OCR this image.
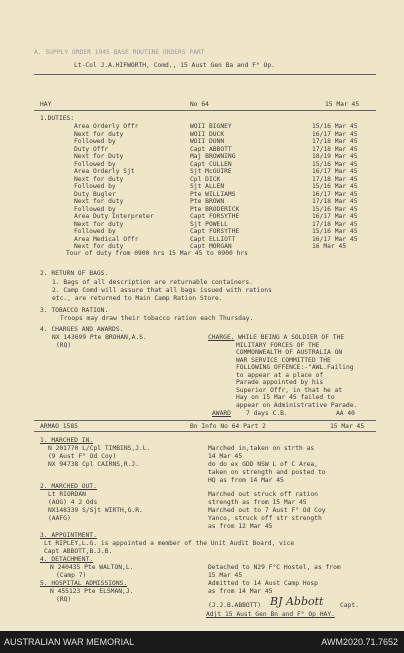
A. SUPPLY ORDER 1945 BASE ROUTINE ORDERS PART
Lt-Col J.A.HIFWORTH, Comd., 15 Aust Gen Ba and F° Op.
HAY	No 64	15 Mar 45
1.DUTIES:
Area Orderly Offr	WOII BIGNEY	15/16 Mar 45
Next for duty	WOII DUCK	16/17 Mar 45
Followed by	WOII DUNN	17/18 Mar 45
Duty Offr	Capt ABBOTT	17/18 Mar 45
Next for Duty	Maj BROWNING	18/19 Mar 45
Followed by	Capt CULLEN	15/16 Mar 45
Area Orderly Sjt	Sjt McGUIRE	16/17 Mar 45
Next for duty	Cpl DICK	17/18 Mar 45
Followed by	Sjt ALLEN	15/16 Mar 45
Duty Bugler	Pte WILLIAMS	16/17 Mar 45
Next for duty	Pte BROWN	17/18 Mar 45
Followed by	Pte BRODERICK	15/16 Mar 45
Area Duty Interpreter	Capt FORSYTHE	16/17 Mar 45
Next for duty	Sjt POWELL	17/18 Mar 45
Followed by	Capt FORSYTHE	15/16 Mar 45
Area Medical Offr	Capt ELLIOTT	16/17 Mar 45
Next for duty	Capt MORGAN	16 Mar 45
Tour of duty from 0900 hrs 15 Mar 45 to 0900 hrs
2. RETURN OF BAGS.
1. Bags of all description are returnable containers.
2. Camp Comd will assure that all bags issued with rations
etc., are returned to Main Camp Ration Store.
3. TOBACCO RATION.
Troops may draw their tobacco ration each Thursday.
4. CHARGES AND AWARDS.
NX 143699 Pte BROHAN,A.S.
(RQ)
CHARGE. WHILE BEING A SOLDIER OF THE
MILITARY FORCES OF THE
COMMONWEALTH OF AUSTRALIA ON
WAR SERVICE COMMITTED THE
FOLLOWING OFFENCE:-"AWL.Failing
to appear at a place of
Parade appointed by his
Superior Offr, in that he at
Hay on 15 Mar 45 failed to
appear on Administrative Parade.
AWARD 7 days C.B.	AA 40
ARMAO 1585	Bn Info No 64 Part 2	15 Mar 45
1. MARCHED IN.
N 201770 L/Cpl TIMBINS,J.L.	Marched in,taken on strth as
(9 Aust F° Od Coy)	14 Mar 45
NX 94738 Cpl CAIRNS,R.J.	do do ex GDD NSW L of C Area,
taken on strength and posted to
HQ as from 14 Mar 45
2. MARCHED OUT.
Lt RIORDAN	Marched out struck off ration
(AOG) 4 2 Ods	strength as from 15 Mar 45
NX148339 S/Sjt WIRTH,G.R.	Marched out to 7 Aust F° Od Coy
(AAFG)	Yanco, struck off str strength
as from 12 Mar 45
3. APPOINTMENT.
Lt RIPLEY,L.G. is appointed a member of the Unit Audit Board, vice
Capt ABBOTT,B.J.B.
4. DETACHMENT.
N 240435 Pte WALTON,L.
(Camp 7)
Detached to N29 F°C Hostel, as from
15 Mar 45
5. HOSPITAL ADMISSIONS.
N 455123 Pte ELSMAN,J.
(RQ)
Admitted to 14 Aust Camp Hosp
as from 14 Mar 45
(J.J.B.ABBOTT) BJ Abbott	Capt.
Adjt 15 Aust Gen Bn and F° Op HAY.
AUSTRALIAN WAR MEMORIAL	AWM2020.71.7652
